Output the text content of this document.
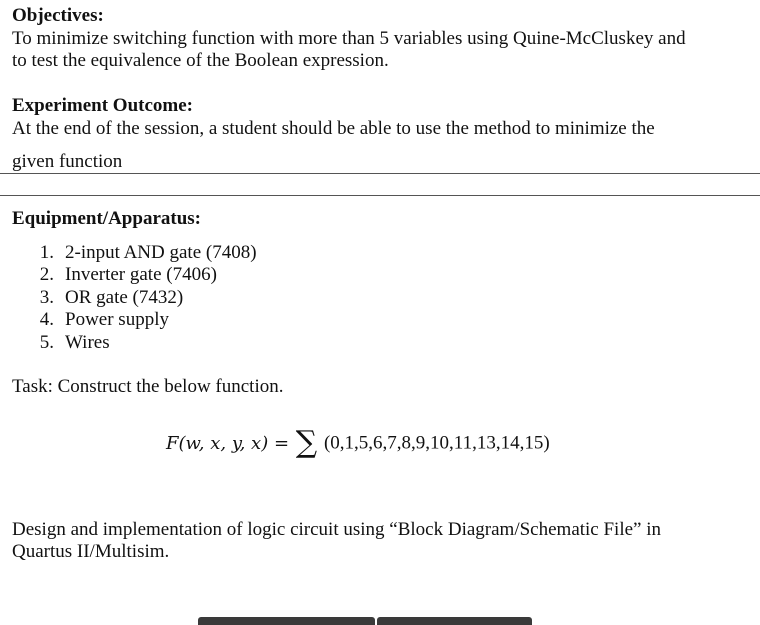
Objectives:
To minimize switching function with more than 5 variables using Quine-McCluskey and
to test the equivalence of the Boolean expression.
Experiment Outcome:
At the end of the session, a student should be able to use the method to minimize the
given function
Equipment/Apparatus:
1. 2-input AND gate (7408)
2. Inverter gate (7406)
3. OR gate (7432)
4. Power supply
5. Wires
Task: Construct the below function.
F(w, x, y, x) = ∑ (0,1,5,6,7,8,9,10,11,13,14,15)
Design and implementation of logic circuit using “Block Diagram/Schematic File” in
Quartus II/Multisim.
